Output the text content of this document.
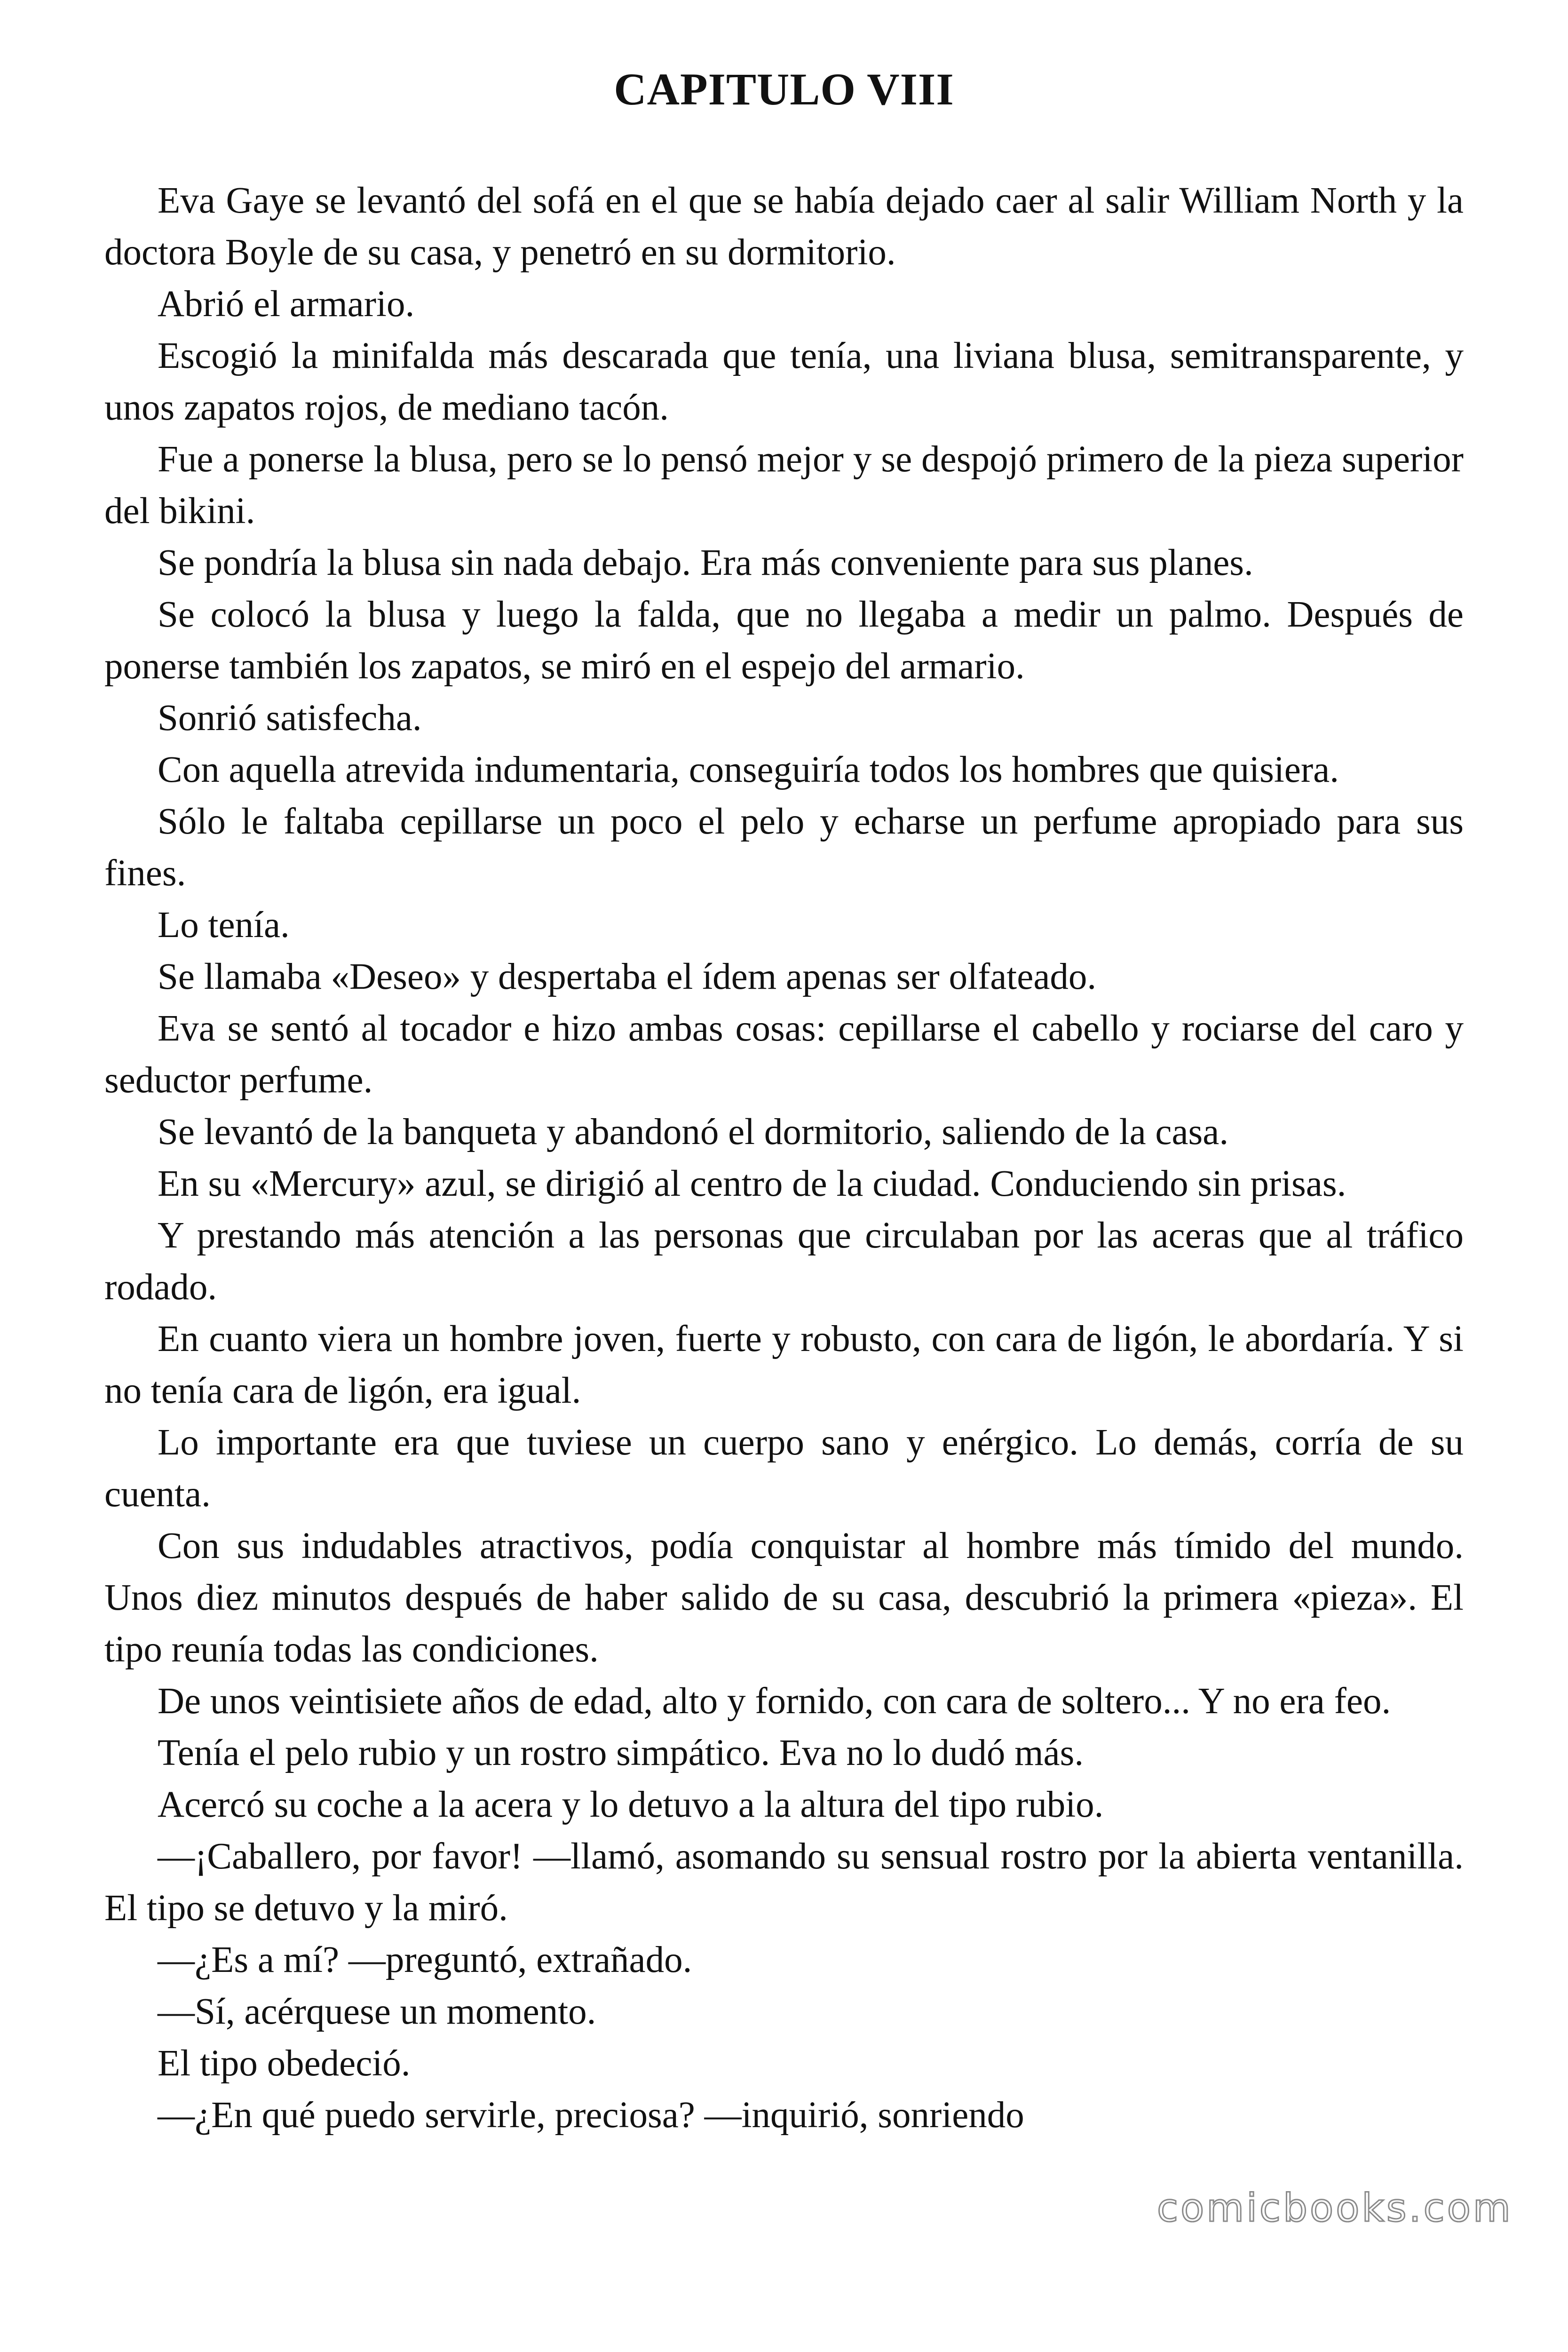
CAPITULO VIII

Eva Gaye se levantó del sofá en el que se había dejado caer al salir William North y la doctora Boyle de su casa, y penetró en su dormitorio.

Abrió el armario.

Escogió la minifalda más descarada que tenía, una liviana blusa, semitransparente, y unos zapatos rojos, de mediano tacón.

Fue a ponerse la blusa, pero se lo pensó mejor y se despojó primero de la pieza superior del bikini.

Se pondría la blusa sin nada debajo. Era más conveniente para sus planes.

Se colocó la blusa y luego la falda, que no llegaba a medir un palmo. Después de ponerse también los zapatos, se miró en el espejo del armario.

Sonrió satisfecha.

Con aquella atrevida indumentaria, conseguiría todos los hombres que quisiera.

Sólo le faltaba cepillarse un poco el pelo y echarse un perfume apropiado para sus fines.

Lo tenía.

Se llamaba «Deseo» y despertaba el ídem apenas ser olfateado.

Eva se sentó al tocador e hizo ambas cosas: cepillarse el cabello y rociarse del caro y seductor perfume.

Se levantó de la banqueta y abandonó el dormitorio, saliendo de la casa.

En su «Mercury» azul, se dirigió al centro de la ciudad. Conduciendo sin prisas.

Y prestando más atención a las personas que circulaban por las aceras que al tráfico rodado.

En cuanto viera un hombre joven, fuerte y robusto, con cara de ligón, le abordaría. Y si no tenía cara de ligón, era igual.

Lo importante era que tuviese un cuerpo sano y enérgico. Lo demás, corría de su cuenta.

Con sus indudables atractivos, podía conquistar al hombre más tímido del mundo. Unos diez minutos después de haber salido de su casa, descubrió la primera «pieza». El tipo reunía todas las condiciones.

De unos veintisiete años de edad, alto y fornido, con cara de soltero... Y no era feo.

Tenía el pelo rubio y un rostro simpático. Eva no lo dudó más.

Acercó su coche a la acera y lo detuvo a la altura del tipo rubio.

—¡Caballero, por favor! —llamó, asomando su sensual rostro por la abierta ventanilla. El tipo se detuvo y la miró.

—¿Es a mí? —preguntó, extrañado.

—Sí, acérquese un momento.

El tipo obedeció.

—¿En qué puedo servirle, preciosa? —inquirió, sonriendo

comicbooks.com
